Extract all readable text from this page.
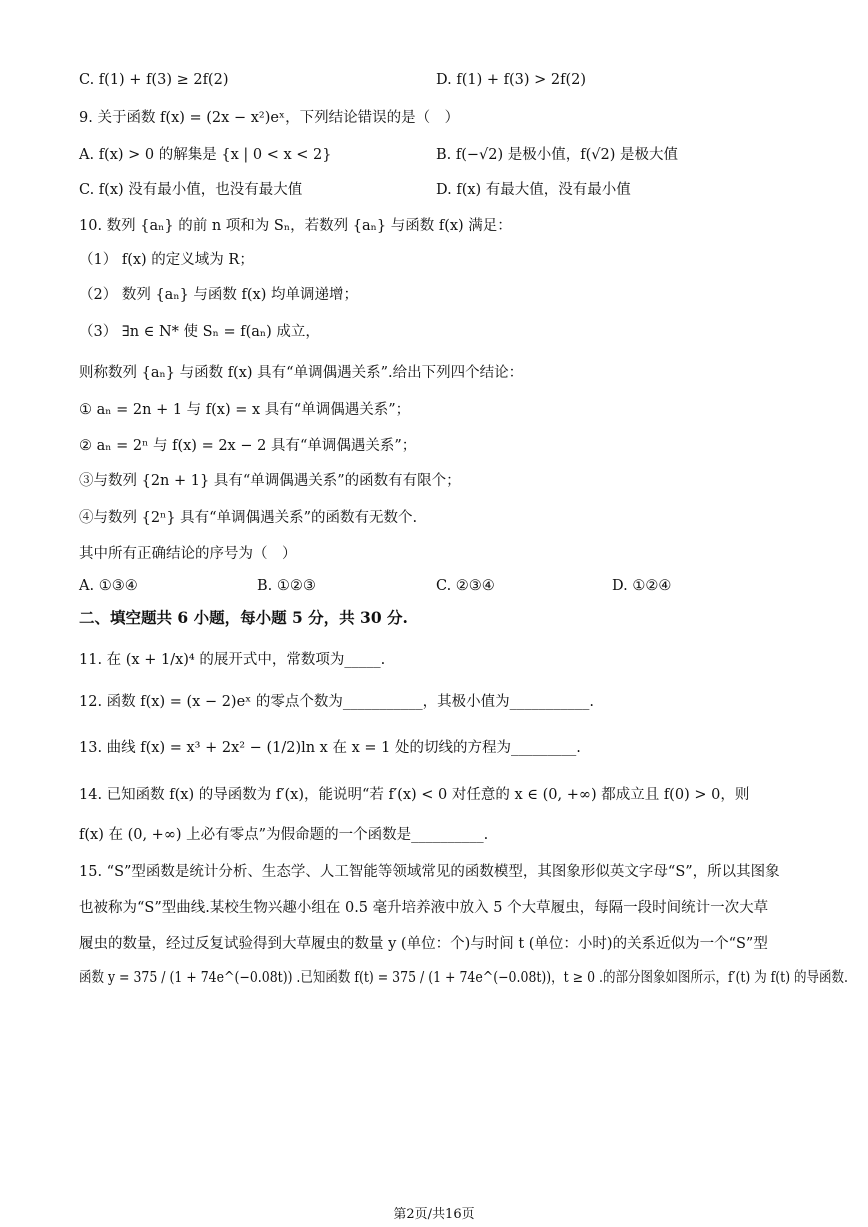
C. f(1) + f(3) ≥ 2f(2)	D. f(1) + f(3) > 2f(2)
9. 关于函数 f(x) = (2x − x²)eˣ，下列结论错误的是（　）
A. f(x) > 0 的解集是 {x | 0 < x < 2}	B. f(−√2) 是极小值，f(√2) 是极大值
C. f(x) 没有最小值，也没有最大值	D. f(x) 有最大值，没有最小值
10. 数列 {aₙ} 的前 n 项和为 Sₙ，若数列 {aₙ} 与函数 f(x) 满足：
（1） f(x) 的定义域为 R；
（2） 数列 {aₙ} 与函数 f(x) 均单调递增；
（3） ∃n ∈ N* 使 Sₙ = f(aₙ) 成立，
则称数列 {aₙ} 与函数 f(x) 具有“单调偶遇关系”.给出下列四个结论：
① aₙ = 2n + 1 与 f(x) = x 具有“单调偶遇关系”；
② aₙ = 2ⁿ 与 f(x) = 2x − 2 具有“单调偶遇关系”；
③与数列 {2n + 1} 具有“单调偶遇关系”的函数有有限个；
④与数列 {2ⁿ} 具有“单调偶遇关系”的函数有无数个.
其中所有正确结论的序号为（　）
A. ①③④	B. ①②③	C. ②③④	D. ①②④
二、填空题共 6 小题，每小题 5 分，共 30 分.
11. 在 (x + 1/x)⁴ 的展开式中，常数项为_____.
12. 函数 f(x) = (x − 2)eˣ 的零点个数为___________，其极小值为___________.
13. 曲线 f(x) = x³ + 2x² − (1/2)ln x 在 x = 1 处的切线的方程为_________.
14. 已知函数 f(x) 的导函数为 f′(x)，能说明“若 f′(x) < 0 对任意的 x ∈ (0, +∞) 都成立且 f(0) > 0，则
f(x) 在 (0, +∞) 上必有零点”为假命题的一个函数是__________.
15. “S”型函数是统计分析、生态学、人工智能等领域常见的函数模型，其图象形似英文字母“S”，所以其图象
也被称为“S”型曲线.某校生物兴趣小组在 0.5 毫升培养液中放入 5 个大草履虫，每隔一段时间统计一次大草
履虫的数量，经过反复试验得到大草履虫的数量 y (单位：个)与时间 t (单位：小时)的关系近似为一个“S”型
函数 y = 375 / (1 + 74e^(−0.08t)) .已知函数 f(t) = 375 / (1 + 74e^(−0.08t))，t ≥ 0 .的部分图象如图所示，f′(t) 为 f(t) 的导函数.
第2页/共16页
